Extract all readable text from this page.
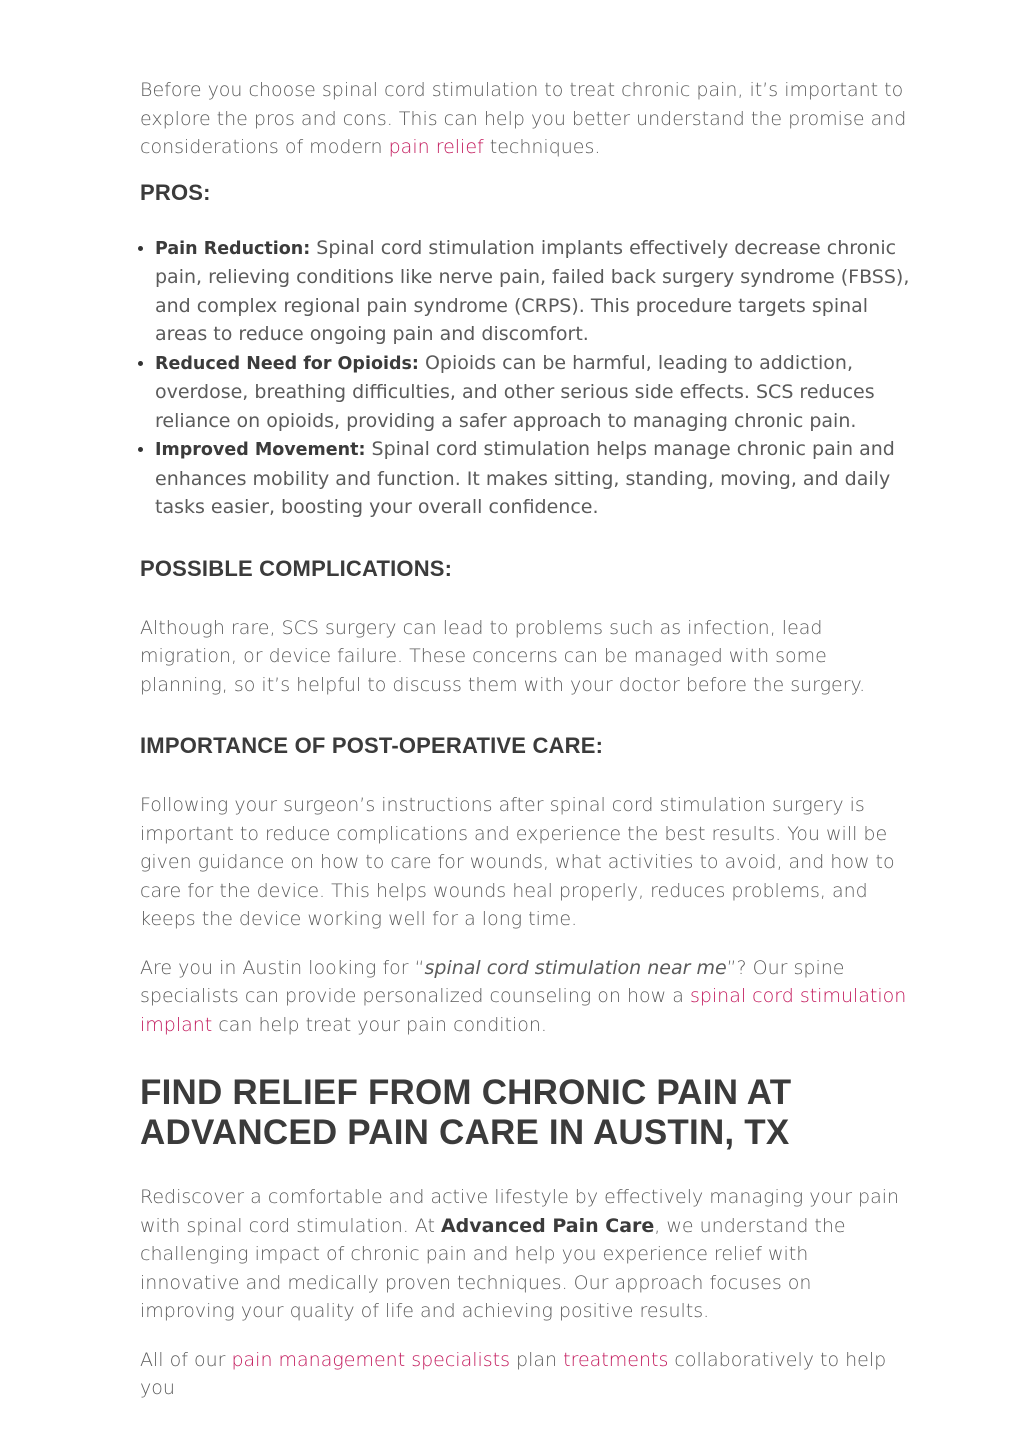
Before you choose spinal cord stimulation to treat chronic pain, it’s important to explore the pros and cons. This can help you better understand the promise and considerations of modern pain relief techniques.

PROS:
• Pain Reduction: Spinal cord stimulation implants effectively decrease chronic pain, relieving conditions like nerve pain, failed back surgery syndrome (FBSS), and complex regional pain syndrome (CRPS). This procedure targets spinal areas to reduce ongoing pain and discomfort.
• Reduced Need for Opioids: Opioids can be harmful, leading to addiction, overdose, breathing difficulties, and other serious side effects. SCS reduces reliance on opioids, providing a safer approach to managing chronic pain.
• Improved Movement: Spinal cord stimulation helps manage chronic pain and enhances mobility and function. It makes sitting, standing, moving, and daily tasks easier, boosting your overall confidence.
POSSIBLE COMPLICATIONS:

Although rare, SCS surgery can lead to problems such as infection, lead migration, or device failure. These concerns can be managed with some planning, so it’s helpful to discuss them with your doctor before the surgery.

IMPORTANCE OF POST-OPERATIVE CARE:

Following your surgeon’s instructions after spinal cord stimulation surgery is important to reduce complications and experience the best results. You will be given guidance on how to care for wounds, what activities to avoid, and how to care for the device. This helps wounds heal properly, reduces problems, and keeps the device working well for a long time.

Are you in Austin looking for “spinal cord stimulation near me”? Our spine specialists can provide personalized counseling on how a spinal cord stimulation implant can help treat your pain condition.

FIND RELIEF FROM CHRONIC PAIN AT ADVANCED PAIN CARE IN AUSTIN, TX

Rediscover a comfortable and active lifestyle by effectively managing your pain with spinal cord stimulation. At Advanced Pain Care, we understand the challenging impact of chronic pain and help you experience relief with innovative and medically proven techniques. Our approach focuses on improving your quality of life and achieving positive results.

All of our pain management specialists plan treatments collaboratively to help you
